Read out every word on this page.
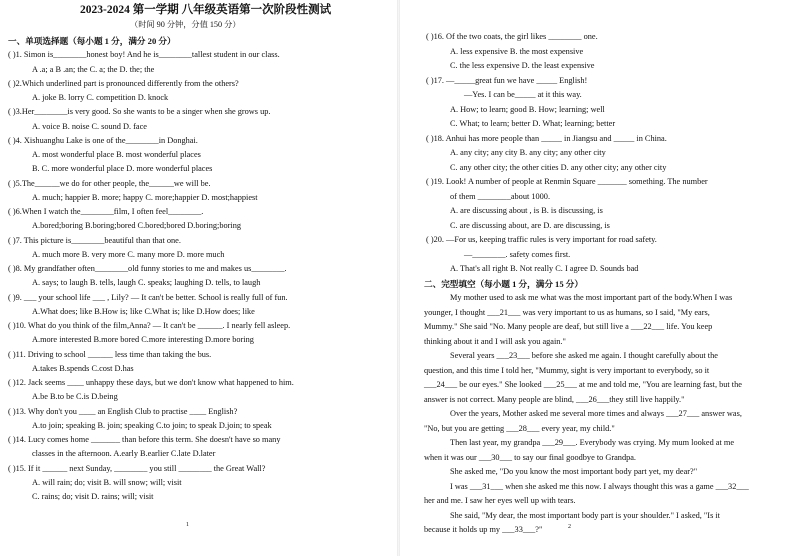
2023-2024 第一学期 八年级英语第一次阶段性测试
（时间 90 分钟，分值 150 分）
一、单项选择题（每小题 1 分，满分 20 分）
( )1. Simon is________honest boy! And he is________tallest student in our class.
A .a; a B .an; the C. a; the D. the; the
( )2.Which underlined part is pronounced differently from the others?
A. joke B. lorry C. competition D. knock
( )3.Her________is very good. So she wants to be a singer when she grows up.
A. voice B. noise C. sound D. face
( )4. Xishuanghu Lake is one of the________in Donghai.
A. most wonderful place B. most wonderful places
B. C. more wonderful place D. more wonderful places
( )5.The______we do for other people, the______we will be.
A. much; happier B. more; happy C. more;happier D. most;happiest
( )6.When I watch the________film, I often feel________.
A.bored;boring B.boring;bored C.bored;bored D.boring;boring
( )7. This picture is________beautiful than that one.
A. much more B. very more C. many more D. more much
( )8. My grandfather often________old funny stories to me and makes us________.
A. says; to laugh B. tells, laugh C. speaks; laughing D. tells, to laugh
( )9. ___ your school life ___ , Lily? — It can't be better. School is really full of fun.
A.What does; like B.How is; like C.What is; like D.How does; like
( )10. What do you think of the film,Anna? — It can't be ______. I nearly fell asleep.
A.more interested B.more bored C.more interesting D.more boring
( )11. Driving to school ______ less time than taking the bus.
A.takes B.spends C.cost D.has
( )12. Jack seems ____ unhappy these days, but we don't know what happened to him.
A.be B.to be C.is D.being
( )13. Why don't you ____ an English Club to practise ____ English?
A.to join; speaking B. join; speaking C.to join; to speak D.join; to speak
( )14. Lucy comes home _______ than before this term. She doesn't have so many
classes in the afternoon. A.early B.earlier C.late D.later
( )15. If it ______ next Sunday, ________ you still ________ the Great Wall?
A. will rain; do; visit B. will snow; will; visit
C. rains; do; visit D. rains; will; visit
( )16. Of the two coats, the girl likes ________ one.
A. less expensive B. the most expensive
C. the less expensive D. the least expensive
( )17. —_____great fun we have _____ English!
—Yes. I can be_____ at it this way.
A. How; to learn; good B. How; learning; well
C. What; to learn; better D. What; learning; better
( )18. Anhui has more people than _____ in Jiangsu and _____ in China.
A. any city; any city B. any city; any other city
C. any other city; the other cities D. any other city; any other city
( )19. Look! A number of people at Renmin Square _______ something. The number
of them ________about 1000.
A. are discussing about , is B. is discussing, is
C. are discussing about, are D. are discussing, is
( )20. —For us, keeping traffic rules is very important for road safety.
—________. safety comes first.
A. That's all right B. Not really C. I agree D. Sounds bad
二、完型填空（每小题 1 分，满分 15 分）
My mother used to ask me what was the most important part of the body.When I was
younger, I thought ___21___ was very important to us as humans, so I said, "My ears,
Mummy." She said "No. Many people are deaf, but still live a ___22___ life. You keep
thinking about it and I will ask you again."
Several years ___23___ before she asked me again. I thought carefully about the
question, and this time I told her, "Mummy, sight is very important to everybody, so it
___24___ be our eyes." She looked ___25___ at me and told me, "You are learning fast, but the
answer is not correct. Many people are blind, ___26___they still live happily."
Over the years, Mother asked me several more times and always ___27___ answer was,
"No, but you are getting ___28___ every year, my child."
Then last year, my grandpa ___29___. Everybody was crying. My mum looked at me
when it was our ___30___ to say our final goodbye to Grandpa.
She asked me, "Do you know the most important body part yet, my dear?"
I was ___31___ when she asked me this now. I always thought this was a game ___32___
her and me. I saw her eyes well up with tears.
She said, "My dear, the most important body part is your shoulder." I asked, "Is it
because it holds up my ___33___?"
1	2
